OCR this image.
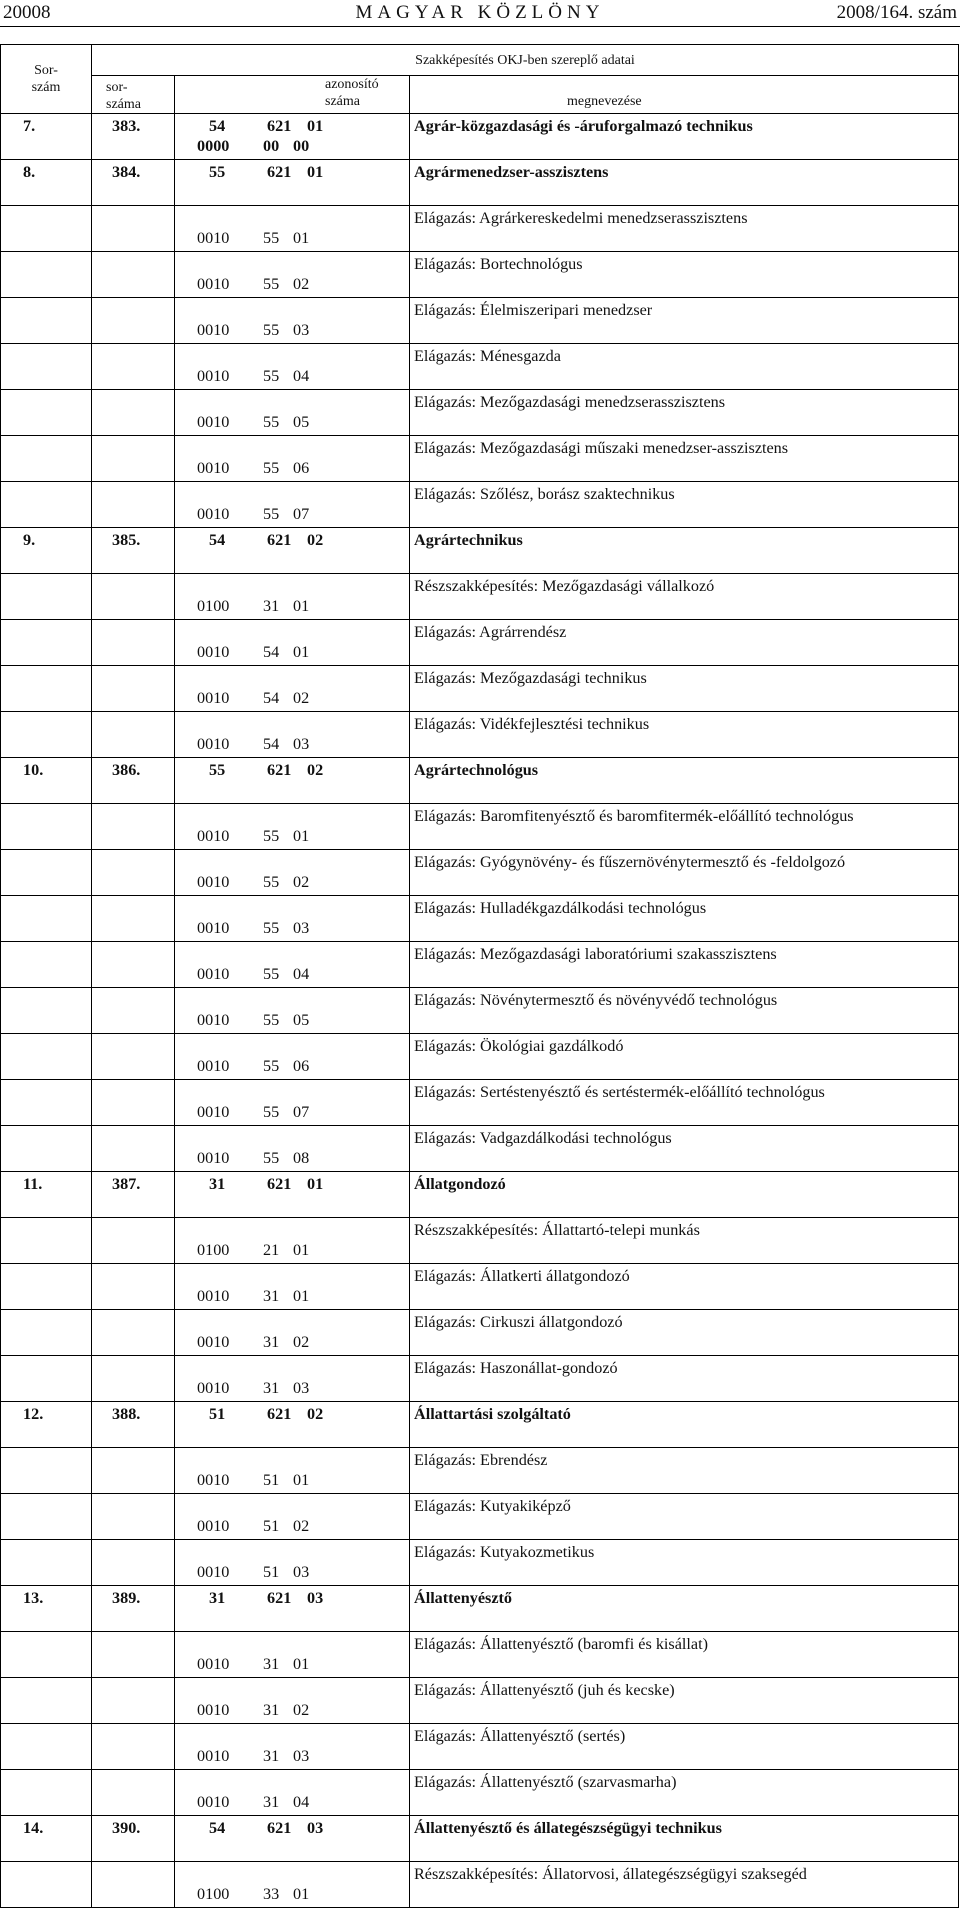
20008	MAGYAR KÖZLÖNY	2008/164. szám
Sor-
szám	Szakképesítés OKJ-ben szereplő adatai		
	sor-
száma	azonosító száma	megnevezése
7.	383.	54 621 010000 00 00	Agrár-közgazdasági és -áruforgalmazó technikus
8.	384.	55 621 01	Agrármenedzser-asszisztens
		0010 55 01	Elágazás: Agrárkereskedelmi menedzserasszisztens
		0010 55 02	Elágazás: Bortechnológus
		0010 55 03	Elágazás: Élelmiszeripari menedzser
		0010 55 04	Elágazás: Ménesgazda
		0010 55 05	Elágazás: Mezőgazdasági menedzserasszisztens
		0010 55 06	Elágazás: Mezőgazdasági műszaki menedzser-asszisztens
		0010 55 07	Elágazás: Szőlész, borász szaktechnikus
9.	385.	54 621 02	Agrártechnikus
		0100 31 01	Részszakképesítés: Mezőgazdasági vállalkozó
		0010 54 01	Elágazás: Agrárrendész
		0010 54 02	Elágazás: Mezőgazdasági technikus
		0010 54 03	Elágazás: Vidékfejlesztési technikus
10.	386.	55 621 02	Agrártechnológus
		0010 55 01	Elágazás: Baromfitenyésztő és baromfitermék-előállító technológus
		0010 55 02	Elágazás: Gyógynövény- és fűszernövénytermesztő és -feldolgozó
		0010 55 03	Elágazás: Hulladékgazdálkodási technológus
		0010 55 04	Elágazás: Mezőgazdasági laboratóriumi szakasszisztens
		0010 55 05	Elágazás: Növénytermesztő és növényvédő technológus
		0010 55 06	Elágazás: Ökológiai gazdálkodó
		0010 55 07	Elágazás: Sertéstenyésztő és sertéstermék-előállító technológus
		0010 55 08	Elágazás: Vadgazdálkodási technológus
11.	387.	31 621 01	Állatgondozó
		0100 21 01	Részszakképesítés: Állattartó-telepi munkás
		0010 31 01	Elágazás: Állatkerti állatgondozó
		0010 31 02	Elágazás: Cirkuszi állatgondozó
		0010 31 03	Elágazás: Haszonállat-gondozó
12.	388.	51 621 02	Állattartási szolgáltató
		0010 51 01	Elágazás: Ebrendész
		0010 51 02	Elágazás: Kutyakiképző
		0010 51 03	Elágazás: Kutyakozmetikus
13.	389.	31 621 03	Állattenyésztő
		0010 31 01	Elágazás: Állattenyésztő (baromfi és kisállat)
		0010 31 02	Elágazás: Állattenyésztő (juh és kecske)
		0010 31 03	Elágazás: Állattenyésztő (sertés)
		0010 31 04	Elágazás: Állattenyésztő (szarvasmarha)
14.	390.	54 621 03	Állattenyésztő és állategészségügyi technikus
		0100 33 01	Részszakképesítés: Állatorvosi, állategészségügyi szaksegéd
